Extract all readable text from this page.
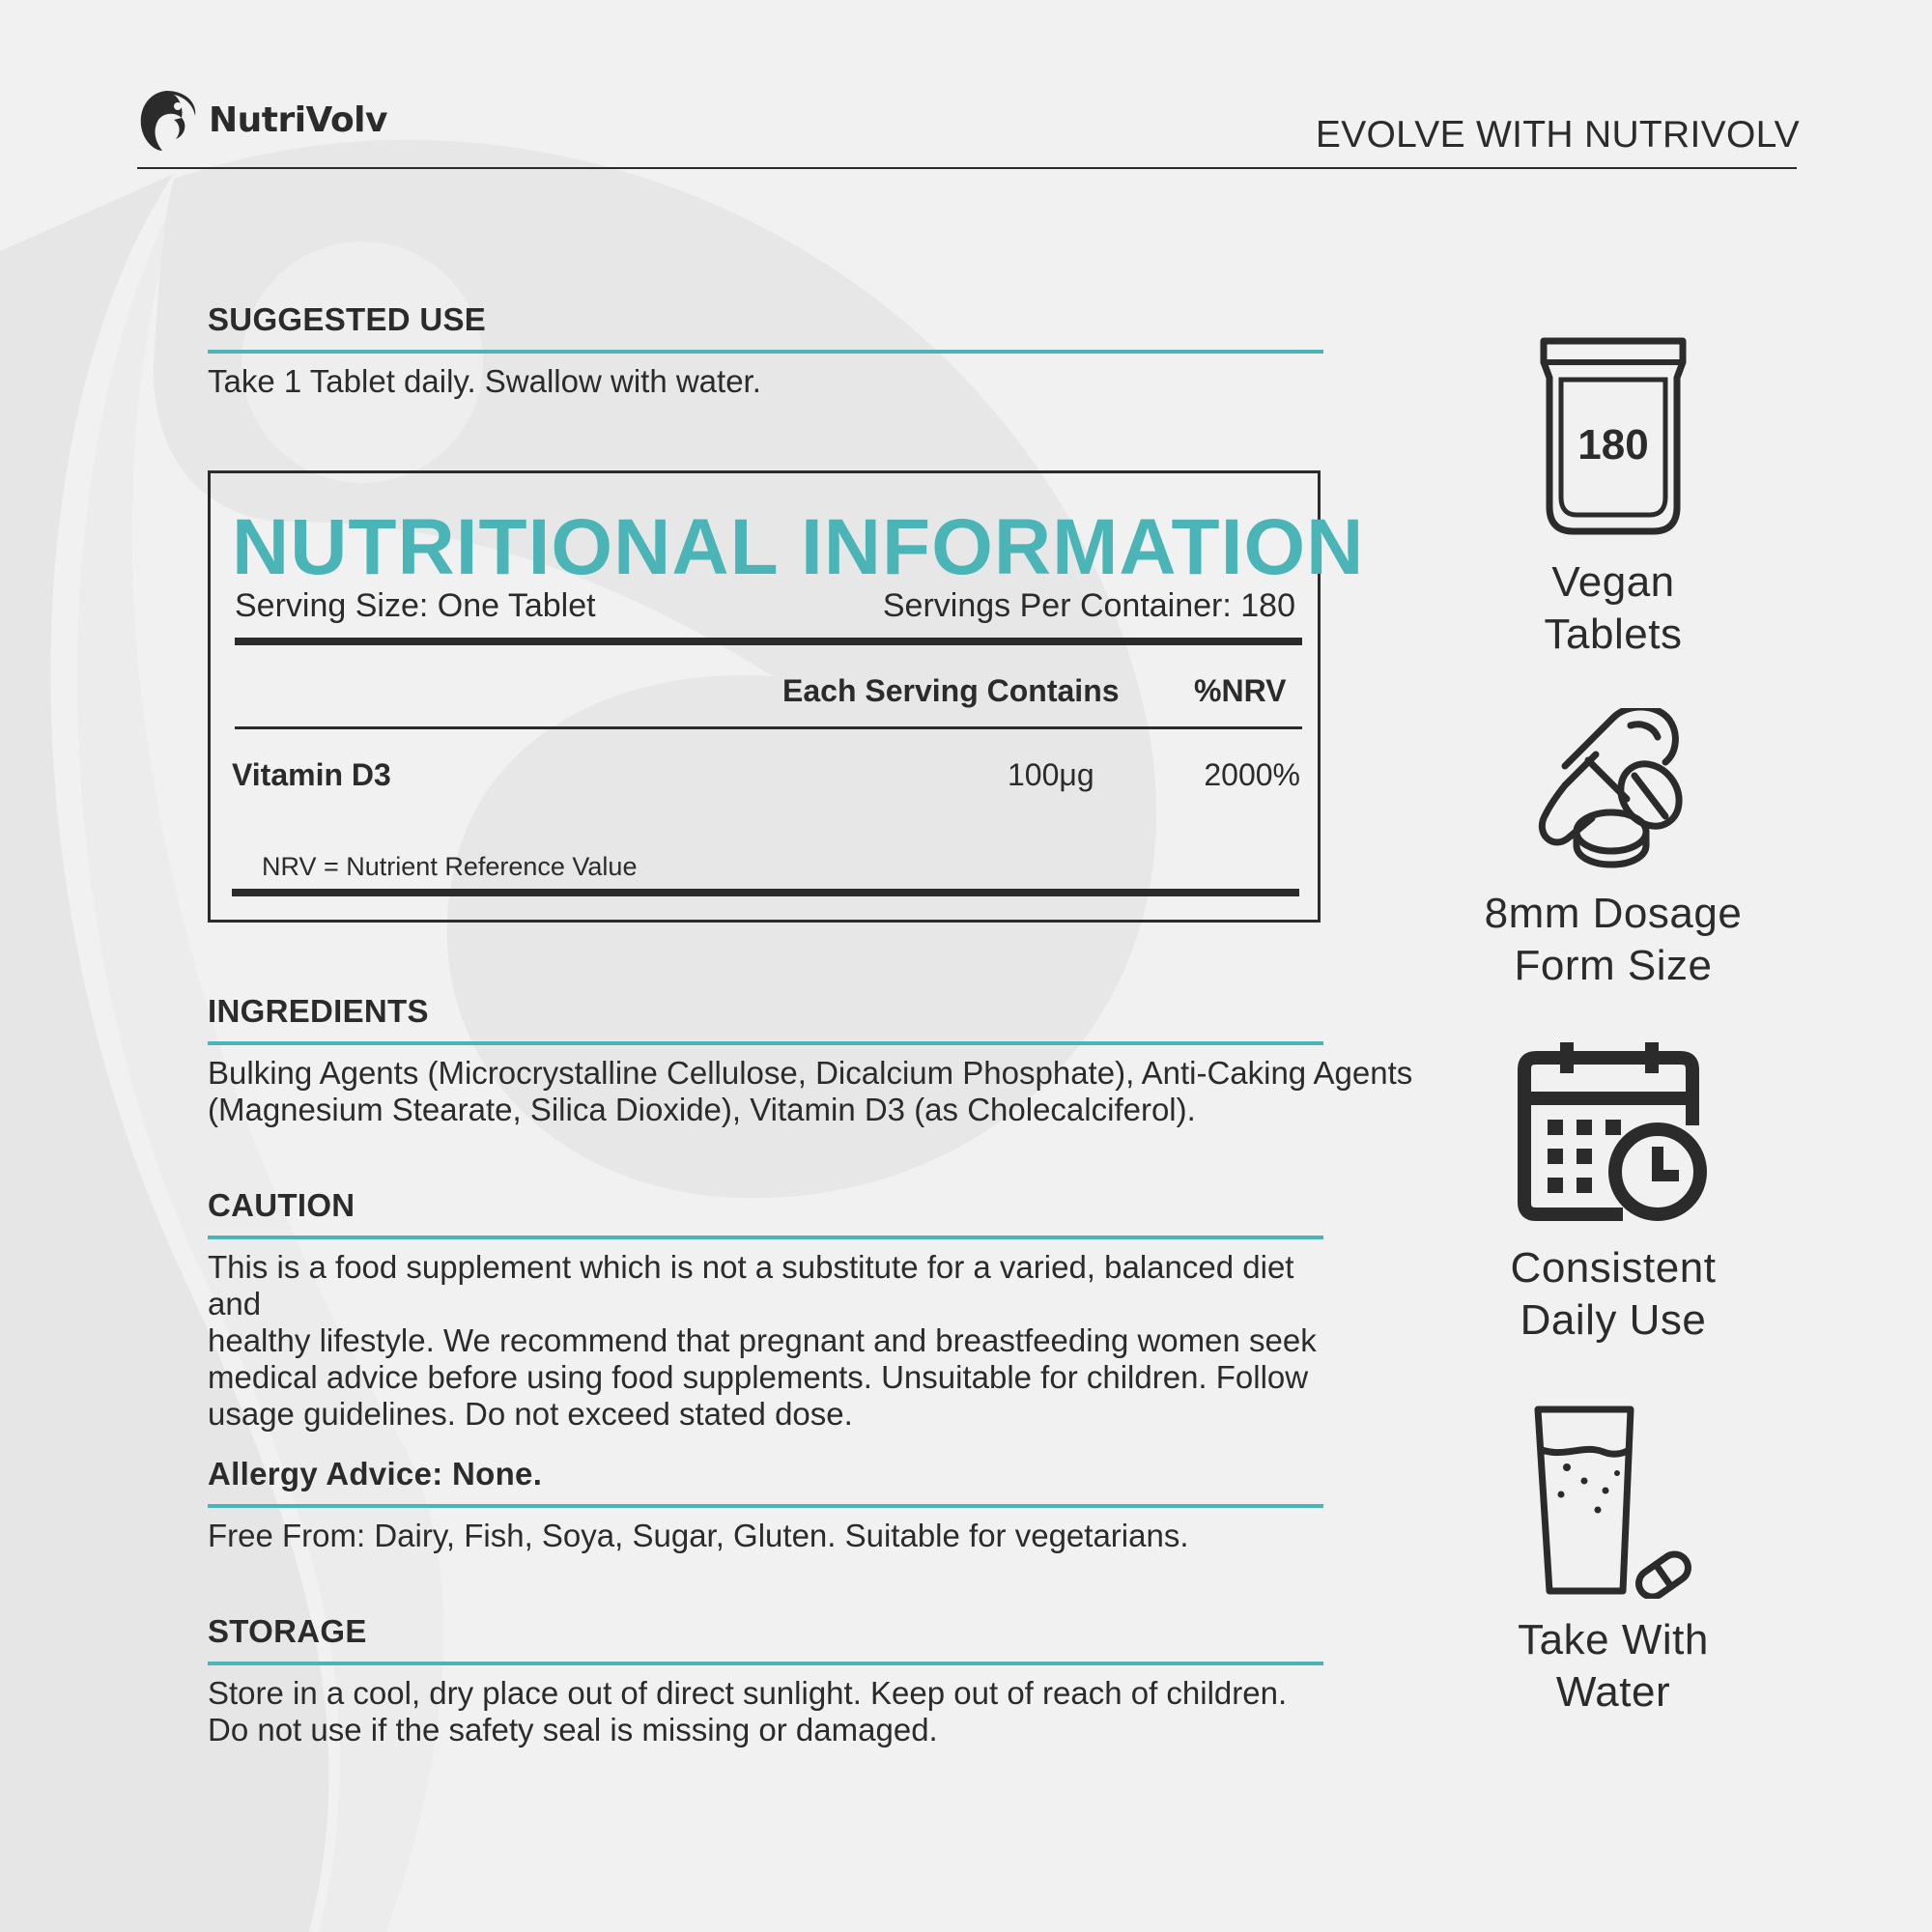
NutriVolv	EVOLVE WITH NUTRIVOLV
SUGGESTED USE

Take 1 Tablet daily. Swallow with water.

NUTRITIONAL INFORMATION
Serving Size: One Tablet	Servings Per Container: 180
Each Serving Contains %NRV
Vitamin D3	100μg	2000%
NRV = Nutrient Reference Value
INGREDIENTS

Bulking Agents (Microcrystalline Cellulose, Dicalcium Phosphate), Anti-Caking Agents
(Magnesium Stearate, Silica Dioxide), Vitamin D3 (as Cholecalciferol).

CAUTION

This is a food supplement which is not a substitute for a varied, balanced diet and
healthy lifestyle. We recommend that pregnant and breastfeeding women seek
medical advice before using food supplements. Unsuitable for children. Follow
usage guidelines. Do not exceed stated dose.

Allergy Advice: None.

Free From: Dairy, Fish, Soya, Sugar, Gluten. Suitable for vegetarians.

STORAGE

Store in a cool, dry place out of direct sunlight. Keep out of reach of children.
Do not use if the safety seal is missing or damaged.

180
Vegan
Tablets
8mm Dosage
Form Size
Consistent
Daily Use
Take With
Water
